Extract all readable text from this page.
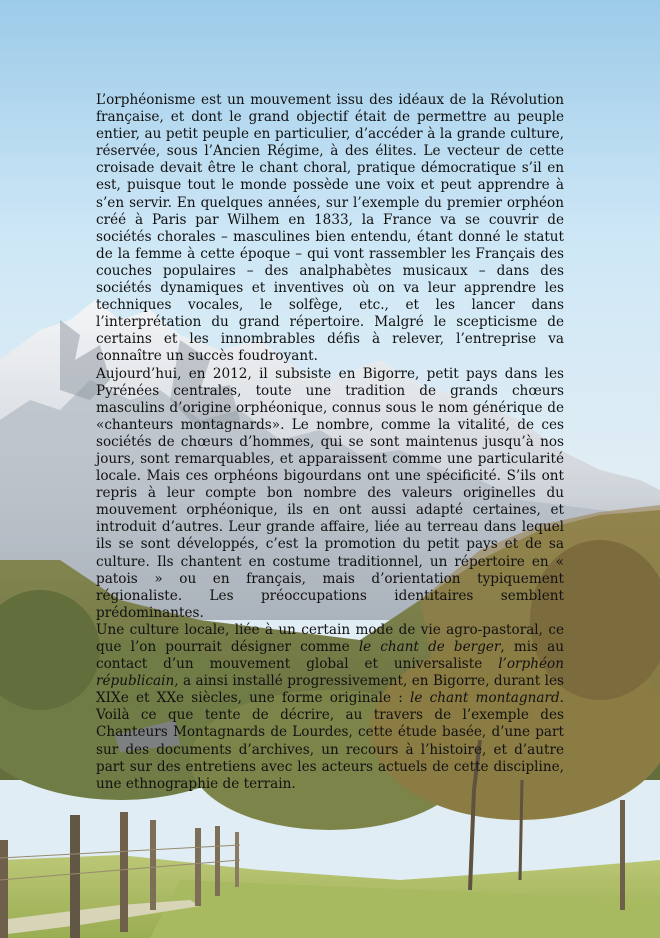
L’orphéonisme est un mouvement issu des idéaux de la Révolution française, et dont le grand objectif était de permettre au peuple entier, au petit peuple en particulier, d’accéder à la grande culture, réservée, sous l’Ancien Régime, à des élites. Le vecteur de cette croisade devait être le chant choral, pratique démocratique s’il en est, puisque tout le monde possède une voix et peut apprendre à s’en servir. En quelques années, sur l’exemple du premier orphéon créé à Paris par Wilhem en 1833, la France va se couvrir de sociétés chorales – masculines bien entendu, étant donné le statut de la femme à cette époque – qui vont rassembler les Français des couches populaires – des analphabètes musicaux – dans des sociétés dynamiques et inventives où on va leur apprendre les techniques vocales, le solfège, etc., et les lancer dans l’interprétation du grand répertoire. Malgré le scepticisme de certains et les innombrables défis à relever, l’entreprise va connaître un succès foudroyant.

Aujourd’hui, en 2012, il subsiste en Bigorre, petit pays dans les Pyrénées centrales, toute une tradition de grands chœurs masculins d’origine orphéonique, connus sous le nom générique de «chanteurs montagnards». Le nombre, comme la vitalité, de ces sociétés de chœurs d’hommes, qui se sont maintenus jusqu’à nos jours, sont remarquables, et apparaissent comme une particularité locale. Mais ces orphéons bigourdans ont une spécificité. S’ils ont repris à leur compte bon nombre des valeurs originelles du mouvement orphéonique, ils en ont aussi adapté certaines, et introduit d’autres. Leur grande affaire, liée au terreau dans lequel ils se sont développés, c’est la promotion du petit pays et de sa culture. Ils chantent en costume traditionnel, un répertoire en « patois » ou en français, mais d’orientation typiquement régionaliste. Les préoccupations identitaires semblent prédominantes.

Une culture locale, liée à un certain mode de vie agro-pastoral, ce que l’on pourrait désigner comme le chant de berger, mis au contact d’un mouvement global et universaliste l’orphéon républicain, a ainsi installé progressivement, en Bigorre, durant les XIXe et XXe siècles, une forme originale : le chant montagnard. Voilà ce que tente de décrire, au travers de l’exemple des Chanteurs Montagnards de Lourdes, cette étude basée, d’une part sur des documents d’archives, un recours à l’histoire, et d’autre part sur des entretiens avec les acteurs actuels de cette discipline, une ethnographie de terrain.
